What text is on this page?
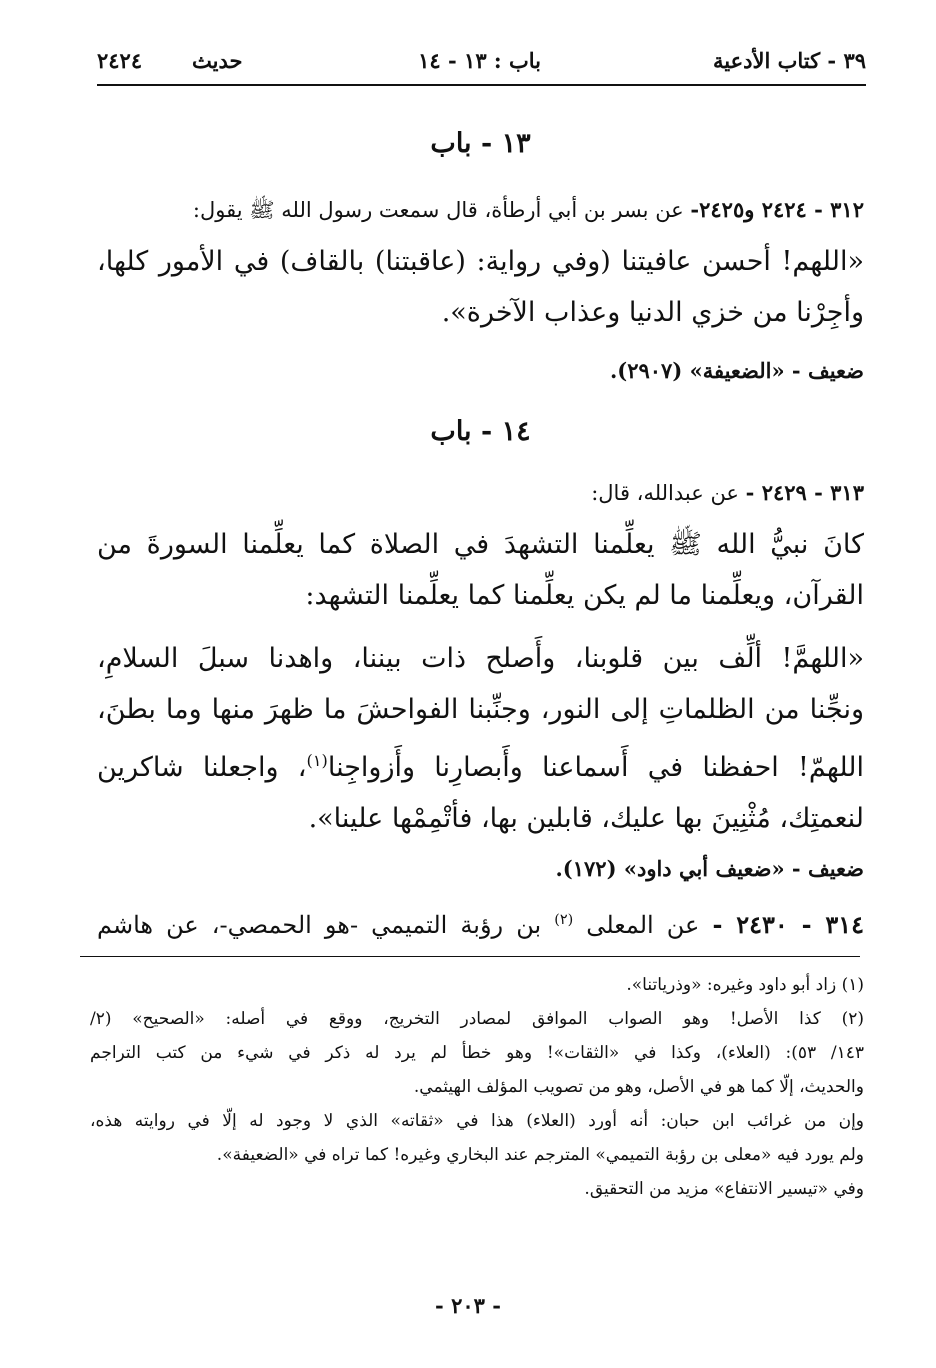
٣٩ - كتاب الأدعية
باب : ١٣ - ١٤
حديث
٢٤٢٤
١٣ - باب
٣١٢ - ٢٤٢٤ و٢٤٢٥- عن بسر بن أبي أرطأة، قال سمعت رسول الله ﷺ يقول:
«اللهم! أحسن عافيتنا (وفي رواية: (عاقبتنا) بالقاف) في الأمور كلها،
وأجِرْنا من خزي الدنيا وعذاب الآخرة».
ضعيف - «الضعيفة» (٢٩٠٧).
١٤ - باب
٣١٣ - ٢٤٢٩ - عن عبدالله، قال:
كانَ نبيُّ الله ﷺ يعلِّمنا التشهدَ في الصلاة كما يعلِّمنا السورةَ من
القرآن، ويعلِّمنا ما لم يكن يعلِّمنا كما يعلِّمنا التشهد:
«اللهمَّ! ألِّف بين قلوبنا، وأَصلح ذات بيننا، واهدنا سبلَ السلامِ،
ونجِّنا من الظلماتِ إلى النور، وجنِّبنا الفواحشَ ما ظهرَ منها وما بطنَ،
اللهمّ! احفظنا في أَسماعنا وأَبصارِنا وأَزواجِنا$^{(١)}$، واجعلنا شاكرين
لنعمتِك، مُثْنِينَ بها عليك، قابلين بها، فأتْمِمْها علينا».
ضعيف - «ضعيف أبي داود» (١٧٢).
٣١٤ - ٢٤٣٠ - عن المعلى $^{(٢)}$ بن رؤبة التميمي -هو الحمصي-، عن هاشم
(١) زاد أبو داود وغيره: «وذرياتنا».
(٢) كذا الأصل! وهو الصواب الموافق لمصادر التخريج، ووقع في أصله: «الصحيح» (٢/
١٤٣/ ٥٣): (العلاء)، وكذا في «الثقات»! وهو خطأ لم يرد له ذكر في شيء من كتب التراجم
والحديث، إلّا كما هو في الأصل، وهو من تصويب المؤلف الهيثمي.
وإن من غرائب ابن حبان: أنه أورد (العلاء) هذا في «ثقاته» الذي لا وجود له إلّا في روايته هذه،
ولم يورد فيه «معلى بن رؤبة التميمي» المترجم عند البخاري وغيره! كما تراه في «الضعيفة».
وفي «تيسير الانتفاع» مزيد من التحقيق.
- ٢٠٣ -
